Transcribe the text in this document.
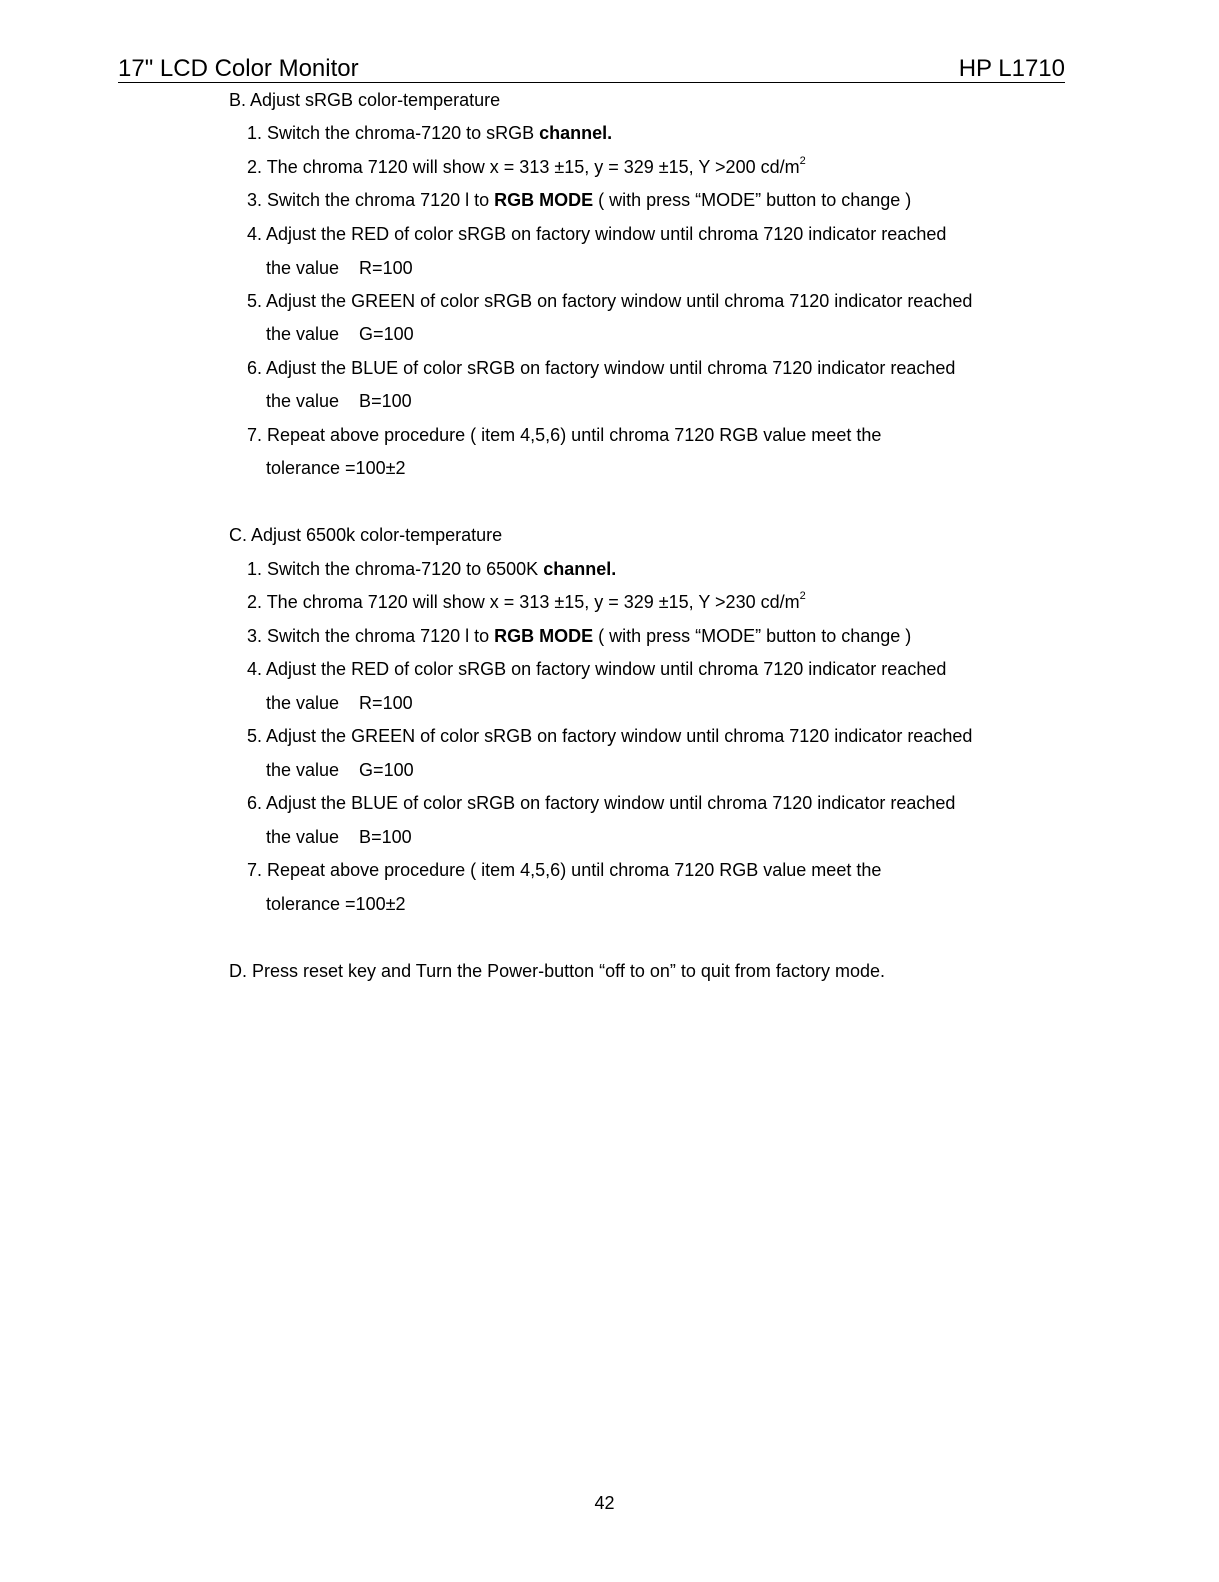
17" LCD Color Monitor	HP L1710
B. Adjust sRGB color-temperature
1. Switch the chroma-7120 to sRGB channel.
2. The chroma 7120 will show x = 313 ±15, y = 329 ±15, Y >200 $cd/m^2$
3. Switch the chroma 7120 l to RGB MODE ( with press “MODE” button to change )
4. Adjust the RED of color sRGB on factory window until chroma 7120 indicator reached
the value    R=100
5. Adjust the GREEN of color sRGB on factory window until chroma 7120 indicator reached
the value    G=100
6. Adjust the BLUE of color sRGB on factory window until chroma 7120 indicator reached
the value    B=100
7. Repeat above procedure ( item 4,5,6) until chroma 7120 RGB value meet the
tolerance =100±2
C. Adjust 6500k color-temperature
1. Switch the chroma-7120 to 6500K channel.
2. The chroma 7120 will show x = 313 ±15, y = 329 ±15, Y >230 $cd/m^2$
3. Switch the chroma 7120 l to RGB MODE ( with press “MODE” button to change )
4. Adjust the RED of color sRGB on factory window until chroma 7120 indicator reached
the value    R=100
5. Adjust the GREEN of color sRGB on factory window until chroma 7120 indicator reached
the value    G=100
6. Adjust the BLUE of color sRGB on factory window until chroma 7120 indicator reached
the value    B=100
7. Repeat above procedure ( item 4,5,6) until chroma 7120 RGB value meet the
tolerance =100±2
D. Press reset key and Turn the Power-button “off to on” to quit from factory mode.
42
